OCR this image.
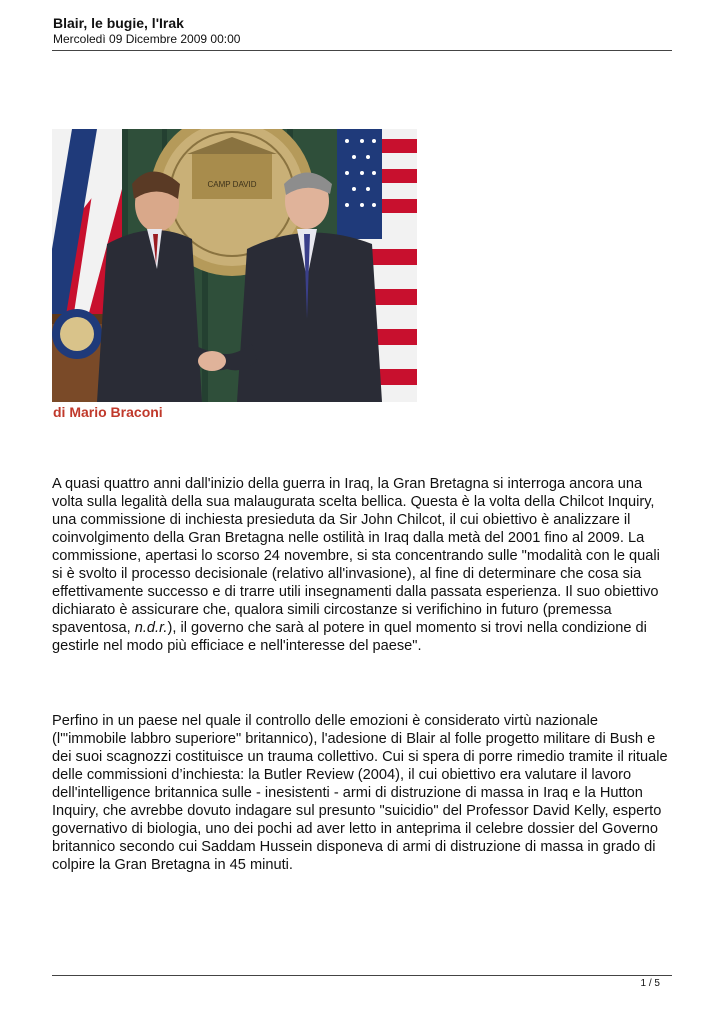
Blair, le bugie, l'Irak
Mercoledì 09 Dicembre 2009 00:00
CAMP DAVID
di Mario Braconi

A quasi quattro anni dall'inizio della guerra in Iraq, la Gran Bretagna si interroga ancora una volta sulla legalità della sua malaugurata scelta bellica. Questa è la volta della Chilcot Inquiry, una commissione di inchiesta presieduta da Sir John Chilcot, il cui obiettivo è analizzare il coinvolgimento della Gran Bretagna nelle ostilità in Iraq dalla metà del 2001 fino al 2009. La commissione, apertasi lo scorso 24 novembre, si sta concentrando sulle "modalità con le quali si è svolto il processo decisionale (relativo all'invasione), al fine di determinare che cosa sia effettivamente successo e di trarre utili insegnamenti dalla passata esperienza. Il suo obiettivo dichiarato è assicurare che, qualora simili circostanze si verifichino in futuro (premessa spaventosa, n.d.r.), il governo che sarà al potere in quel momento si trovi nella condizione di gestirle nel modo più efficiace e nell'interesse del paese".

Perfino in un paese nel quale il controllo delle emozioni è considerato virtù nazionale (l'"immobile labbro superiore" britannico), l'adesione di Blair al folle progetto militare di Bush e dei suoi scagnozzi costituisce un trauma collettivo. Cui si spera di porre rimedio tramite il rituale delle commissioni d’inchiesta: la Butler Review (2004), il cui obiettivo era valutare il lavoro dell'intelligence britannica sulle - inesistenti - armi di distruzione di massa in Iraq e la Hutton Inquiry, che avrebbe dovuto indagare sul presunto "suicidio" del Professor David Kelly, esperto governativo di biologia, uno dei pochi ad aver letto in anteprima il celebre dossier del Governo britannico secondo cui Saddam Hussein disponeva di armi di distruzione di massa in grado di colpire la Gran Bretagna in 45 minuti.

1 / 5
